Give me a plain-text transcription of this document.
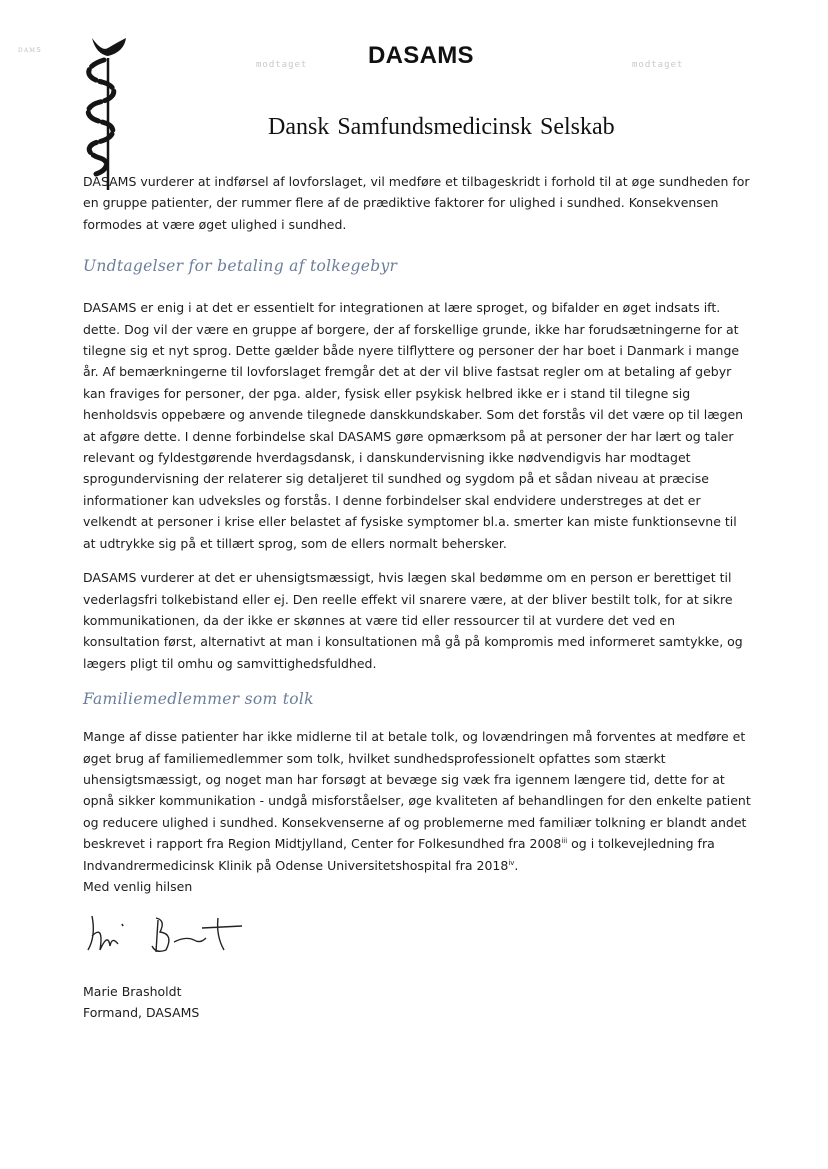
ᴅᴀᴍs
modtaget	modtaget
DASAMS
Dansk Samfundsmedicinsk Selskab

DASAMS vurderer at indførsel af lovforslaget, vil medføre et tilbageskridt i forhold til at øge sundheden for en gruppe patienter, der rummer flere af de prædiktive faktorer for ulighed i sundhed. Konsekvensen formodes at være øget ulighed i sundhed.

Undtagelser for betaling af tolkegebyr

DASAMS er enig i at det er essentielt for integrationen at lære sproget, og bifalder en øget indsats ift. dette. Dog vil der være en gruppe af borgere, der af forskellige grunde, ikke har forudsætningerne for at tilegne sig et nyt sprog. Dette gælder både nyere tilflyttere og personer der har boet i Danmark i mange år. Af bemærkningerne til lovforslaget fremgår det at der vil blive fastsat regler om at betaling af gebyr kan fraviges for personer, der pga. alder, fysisk eller psykisk helbred ikke er i stand til tilegne sig henholdsvis oppebære og anvende tilegnede danskkundskaber. Som det forstås vil det være op til lægen at afgøre dette. I denne forbindelse skal DASAMS gøre opmærksom på at personer der har lært og taler relevant og fyldestgørende hverdagsdansk, i danskundervisning ikke nødvendigvis har modtaget sprogundervisning der relaterer sig detaljeret til sundhed og sygdom på et sådan niveau at præcise informationer kan udveksles og forstås. I denne forbindelser skal endvidere understreges at det er velkendt at personer i krise eller belastet af fysiske symptomer bl.a. smerter kan miste funktionsevne til at udtrykke sig på et tillært sprog, som de ellers normalt behersker.

DASAMS vurderer at det er uhensigtsmæssigt, hvis lægen skal bedømme om en person er berettiget til vederlagsfri tolkebistand eller ej. Den reelle effekt vil snarere være, at der bliver bestilt tolk, for at sikre kommunikationen, da der ikke er skønnes at være tid eller ressourcer til at vurdere det ved en konsultation først, alternativt at man i konsultationen må gå på kompromis med informeret samtykke, og lægers pligt til omhu og samvittighedsfuldhed.

Familiemedlemmer som tolk

Mange af disse patienter har ikke midlerne til at betale tolk, og lovændringen må forventes at medføre et øget brug af familiemedlemmer som tolk, hvilket sundhedsprofessionelt opfattes som stærkt uhensigtsmæssigt, og noget man har forsøgt at bevæge sig væk fra igennem længere tid, dette for at opnå sikker kommunikation - undgå misforståelser, øge kvaliteten af behandlingen for den enkelte patient og reducere ulighed i sundhed. Konsekvenserne af og problemerne med familiær tolkning er blandt andet beskrevet i rapport fra Region Midtjylland, Center for Folkesundhed fra 2008$^{iii}$ og i tolkevejledning fra Indvandrermedicinsk Klinik på Odense Universitetshospital fra 2018$^{iv}$.

Med venlig hilsen

Marie Brasholdt

Formand, DASAMS
